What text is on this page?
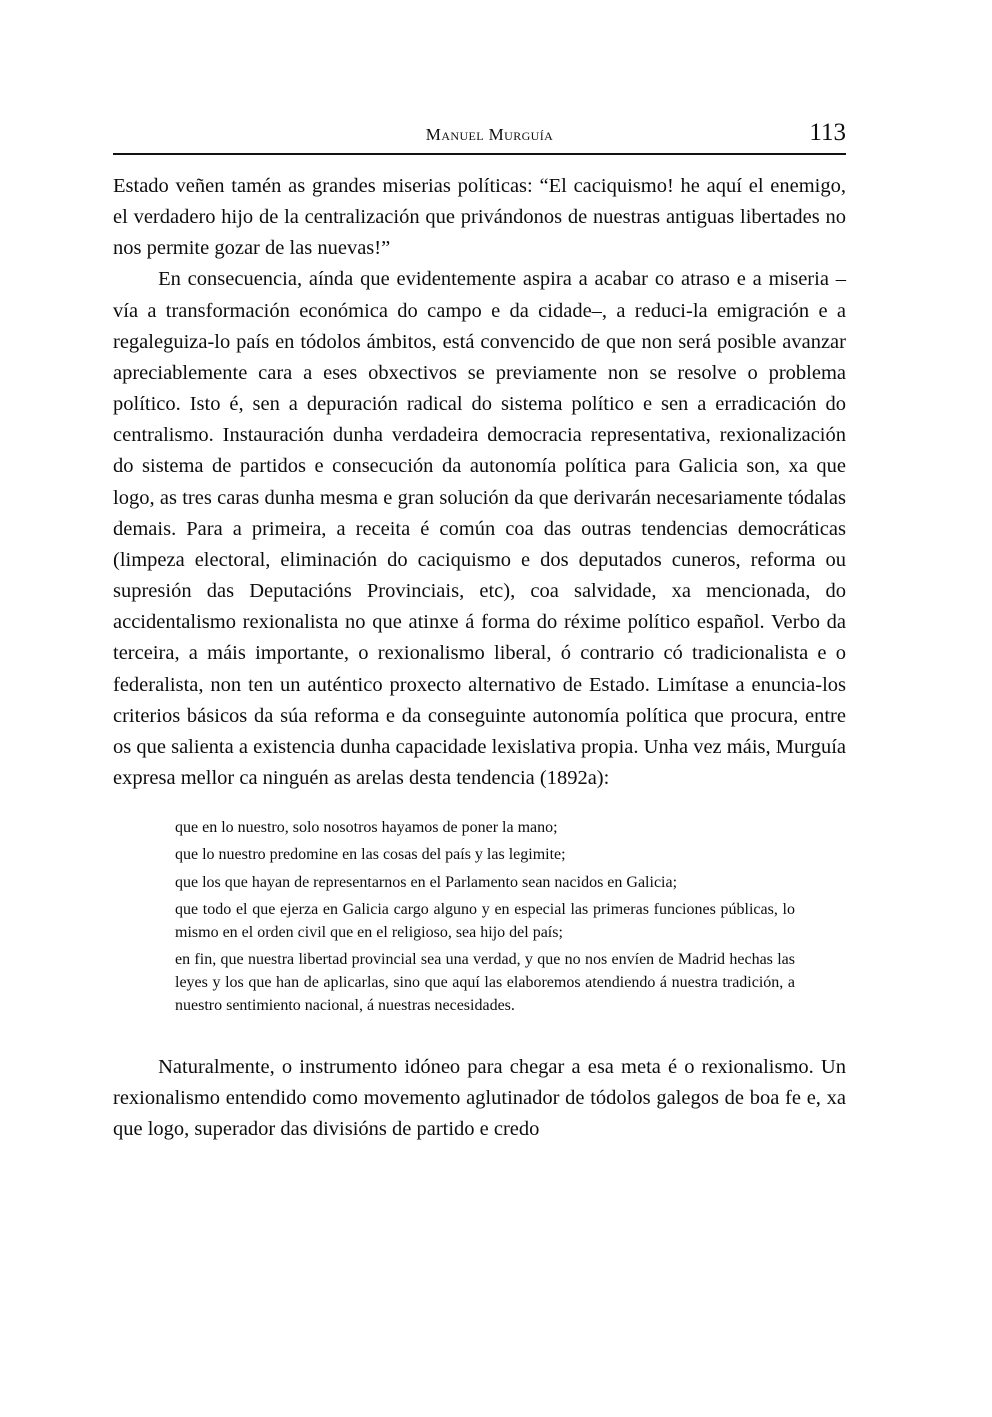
Manuel Murguía	113

Estado veñen tamén as grandes miserias políticas: “El caciquismo! he aquí el enemigo, el verdadero hijo de la centralización que privándonos de nuestras antiguas libertades no nos permite gozar de las nuevas!”

En consecuencia, aínda que evidentemente aspira a acabar co atraso e a miseria –vía a transformación económica do campo e da cidade–, a reduci-la emigración e a regaleguiza-lo país en tódolos ámbitos, está convencido de que non será posible avanzar apreciablemente cara a eses obxectivos se previamente non se resolve o problema político. Isto é, sen a depuración radical do sistema político e sen a erradicación do centralismo. Instauración dunha verdadeira democracia representativa, rexionalización do sistema de partidos e consecución da autonomía política para Galicia son, xa que logo, as tres caras dunha mesma e gran solución da que derivarán necesariamente tódalas demais. Para a primeira, a receita é común coa das outras tendencias democráticas (limpeza electoral, eliminación do caciquismo e dos deputados cuneros, reforma ou supresión das Deputacións Provinciais, etc), coa salvidade, xa mencionada, do accidentalismo rexionalista no que atinxe á forma do réxime político español. Verbo da terceira, a máis importante, o rexionalismo liberal, ó contrario có tradicionalista e o federalista, non ten un auténtico proxecto alternativo de Estado. Limítase a enuncia-los criterios básicos da súa reforma e da conseguinte autonomía política que procura, entre os que salienta a existencia dunha capacidade lexislativa propia. Unha vez máis, Murguía expresa mellor ca ninguén as arelas desta tendencia (1892a):

que en lo nuestro, solo nosotros hayamos de poner la mano;

que lo nuestro predomine en las cosas del país y las legimite;

que los que hayan de representarnos en el Parlamento sean nacidos en Galicia;

que todo el que ejerza en Galicia cargo alguno y en especial las primeras funciones públicas, lo mismo en el orden civil que en el religioso, sea hijo del país;

en fin, que nuestra libertad provincial sea una verdad, y que no nos envíen de Madrid hechas las leyes y los que han de aplicarlas, sino que aquí las elaboremos atendiendo á nuestra tradición, a nuestro sentimiento nacional, á nuestras necesidades.

Naturalmente, o instrumento idóneo para chegar a esa meta é o rexionalismo. Un rexionalismo entendido como movemento aglutinador de tódolos galegos de boa fe e, xa que logo, superador das divisións de partido e credo
